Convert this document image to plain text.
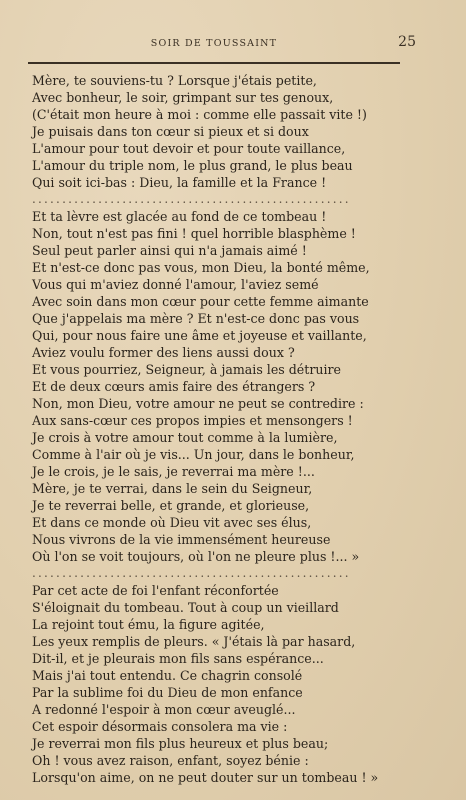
SOIR DE TOUSSAINT	25
Mère, te souviens-tu ? Lorsque j'étais petite,
Avec bonheur, le soir, grimpant sur tes genoux,
(C'était mon heure à moi : comme elle passait vite !)
Je puisais dans ton cœur si pieux et si doux
L'amour pour tout devoir et pour toute vaillance,
L'amour du triple nom, le plus grand, le plus beau
Qui soit ici-bas : Dieu, la famille et la France !
.....................................................
Et ta lèvre est glacée au fond de ce tombeau !
Non, tout n'est pas fini ! quel horrible blasphème !
Seul peut parler ainsi qui n'a jamais aimé !
Et n'est-ce donc pas vous, mon Dieu, la bonté même,
Vous qui m'aviez donné l'amour, l'aviez semé
Avec soin dans mon cœur pour cette femme aimante
Que j'appelais ma mère ? Et n'est-ce donc pas vous
Qui, pour nous faire une âme et joyeuse et vaillante,
Aviez voulu former des liens aussi doux ?
Et vous pourriez, Seigneur, à jamais les détruire
Et de deux cœurs amis faire des étrangers ?
Non, mon Dieu, votre amour ne peut se contredire :
Aux sans-cœur ces propos impies et mensongers !
Je crois à votre amour tout comme à la lumière,
Comme à l'air où je vis... Un jour, dans le bonheur,
Je le crois, je le sais, je reverrai ma mère !...
Mère, je te verrai, dans le sein du Seigneur,
Je te reverrai belle, et grande, et glorieuse,
Et dans ce monde où Dieu vit avec ses élus,
Nous vivrons de la vie immensément heureuse
Où l'on se voit toujours, où l'on ne pleure plus !... »
.....................................................
Par cet acte de foi l'enfant réconfortée
S'éloignait du tombeau. Tout à coup un vieillard
La rejoint tout ému, la figure agitée,
Les yeux remplis de pleurs. « J'étais là par hasard,
Dit-il, et je pleurais mon fils sans espérance...
Mais j'ai tout entendu. Ce chagrin consolé
Par la sublime foi du Dieu de mon enfance
A redonné l'espoir à mon cœur aveuglé...
Cet espoir désormais consolera ma vie :
Je reverrai mon fils plus heureux et plus beau;
Oh ! vous avez raison, enfant, soyez bénie :
Lorsqu'on aime, on ne peut douter sur un tombeau ! »
